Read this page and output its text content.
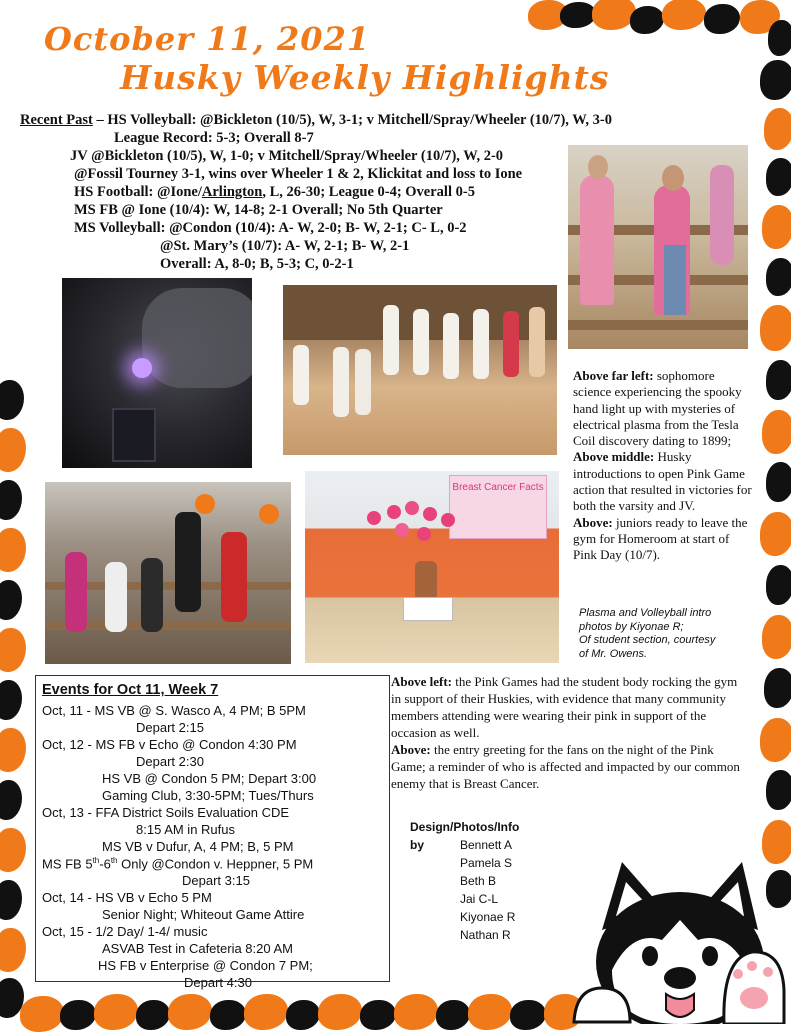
October 11, 2021
Husky Weekly Highlights
Recent Past – HS Volleyball: @Bickleton (10/5), W, 3-1; v Mitchell/Spray/Wheeler (10/7), W, 3-0
League Record: 5-3; Overall 8-7
JV @Bickleton (10/5), W, 1-0; v Mitchell/Spray/Wheeler (10/7), W, 2-0
@Fossil Tourney 3-1, wins over Wheeler 1 & 2, Klickitat and loss to Ione
HS Football: @Ione/Arlington, L, 26-30; League 0-4; Overall 0-5
MS FB @ Ione (10/4): W, 14-8; 2-1 Overall; No 5th Quarter
MS Volleyball: @Condon (10/4): A- W, 2-0; B- W, 2-1; C- L, 0-2
@St. Mary’s (10/7): A- W, 2-1; B- W, 2-1
Overall: A, 8-0; B, 5-3; C, 0-2-1
Breast Cancer Facts
Above far left: sophomore science experiencing the spooky hand light up with mysteries of electrical plasma from the Tesla Coil discovery dating to 1899;
Above middle: Husky introductions to open Pink Game action that resulted in victories for both the varsity and JV.
Above: juniors ready to leave the gym for Homeroom at start of Pink Day (10/7).
Plasma and Volleyball intro
photos by Kiyonae R;
Of student section, courtesy
of Mr. Owens.
Events for Oct 11, Week 7
Oct, 11 - MS VB @ S. Wasco A, 4 PM; B 5PM
Depart 2:15
Oct, 12 - MS FB v Echo @ Condon 4:30 PM
Depart 2:30
HS VB @ Condon 5 PM; Depart 3:00
Gaming Club, 3:30-5PM; Tues/Thurs
Oct, 13 - FFA District Soils Evaluation CDE
8:15 AM in Rufus
MS VB v Dufur, A, 4 PM; B, 5 PM
MS FB 5th-6th Only @Condon v. Heppner, 5 PM
Depart 3:15
Oct, 14 - HS VB v Echo 5 PM
Senior Night; Whiteout Game Attire
Oct, 15 - 1/2 Day/ 1-4/ music
ASVAB Test in Cafeteria 8:20 AM
HS FB v Enterprise @ Condon 7 PM;
Depart 4:30
Above left: the Pink Games had the student body rocking the gym in support of their Huskies, with evidence that many community members attending were wearing their pink in support of the occasion as well.
Above: the entry greeting for the fans on the night of the Pink Game; a reminder of who is affected and impacted by our common enemy that is Breast Cancer.
Design/Photos/Info
by	Bennett A
Pamela S
Beth B
Jai C-L
Kiyonae R
Nathan R
